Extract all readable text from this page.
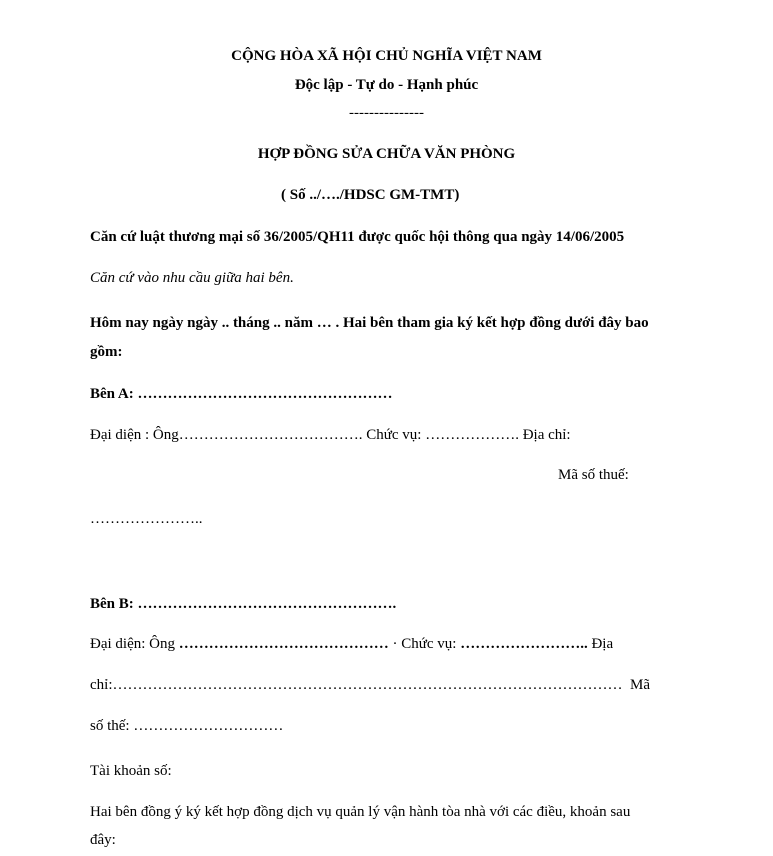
CỘNG HÒA XÃ HỘI CHỦ NGHĨA VIỆT NAM
Độc lập - Tự do - Hạnh phúc
---------------
HỢP ĐỒNG SỬA CHỮA VĂN PHÒNG
( Số ../…./HDSC GM-TMT)
Căn cứ luật thương mại số 36/2005/QH11 được quốc hội thông qua ngày 14/06/2005
Căn cứ vào nhu cầu giữa hai bên.
Hôm nay ngày ngày .. tháng .. năm … . Hai bên tham gia ký kết hợp đồng dưới đây bao
gồm:
Bên A: ……………………………………………
Đại diện : Ông………………………………. Chức vụ: ………………. Địa chỉ:
Mã số thuế:
…………………..
Bên B: …………………………………………….
Đại diện: Ông …………………………………… · Chức vụ: …………………….. Địa
chỉ:…………………………………………………………………………………………  Mã
số thế: …………………………
Tài khoản số:
Hai bên đồng ý ký kết hợp đồng dịch vụ quản lý vận hành tòa nhà với các điều, khoản sau
đây:
